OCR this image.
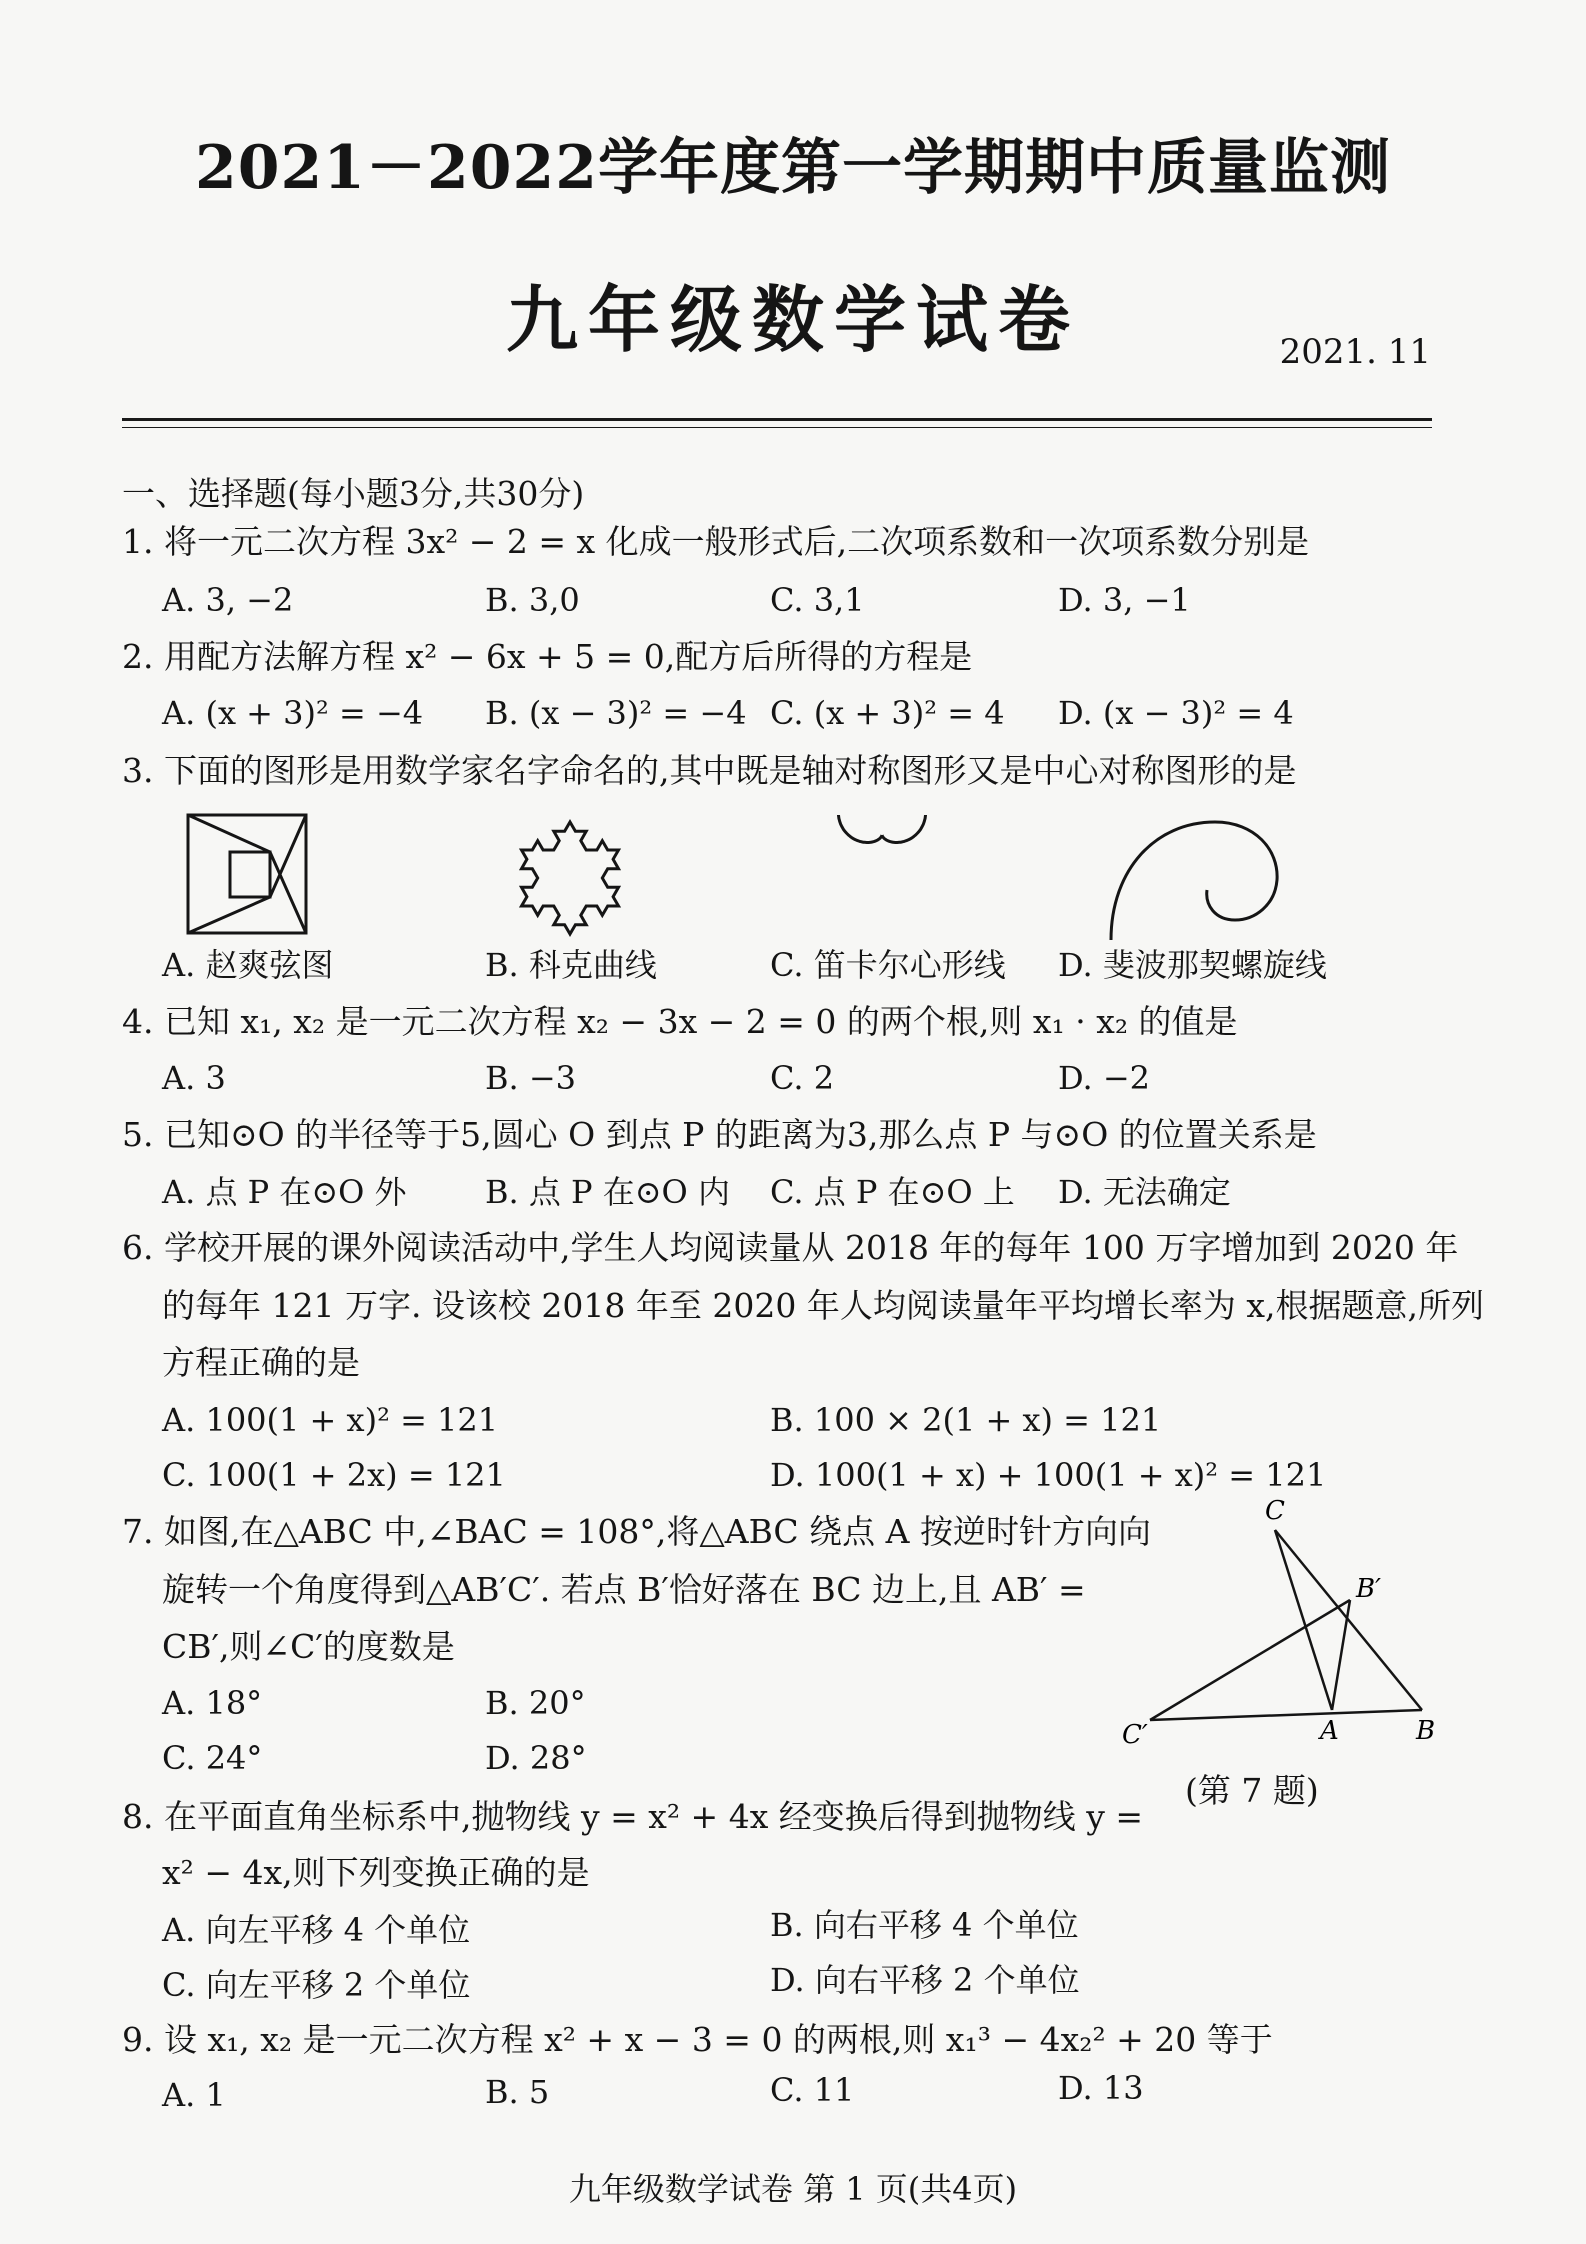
2021－2022学年度第一学期期中质量监测
九年级数学试卷	2021. 11
一、选择题(每小题3分,共30分)
1. 将一元二次方程 3x² − 2 = x 化成一般形式后,二次项系数和一次项系数分别是
A. 3, −2	B. 3,0	C. 3,1	D. 3, −1
2. 用配方法解方程 x² − 6x + 5 = 0,配方后所得的方程是
A. (x + 3)² = −4 B. (x − 3)² = −4 C. (x + 3)² = 4 D. (x − 3)² = 4
3. 下面的图形是用数学家名字命名的,其中既是轴对称图形又是中心对称图形的是
A. 赵爽弦图	B. 科克曲线	C. 笛卡尔心形线 D. 斐波那契螺旋线
4. 已知 x₁, x₂ 是一元二次方程 x₂ − 3x − 2 = 0 的两个根,则 x₁ · x₂ 的值是
A. 3	B. −3	C. 2	D. −2
5. 已知⊙O 的半径等于5,圆心 O 到点 P 的距离为3,那么点 P 与⊙O 的位置关系是
A. 点 P 在⊙O 外 B. 点 P 在⊙O 内 C. 点 P 在⊙O 上 D. 无法确定
6. 学校开展的课外阅读活动中,学生人均阅读量从 2018 年的每年 100 万字增加到 2020 年
的每年 121 万字. 设该校 2018 年至 2020 年人均阅读量年平均增长率为 x,根据题意,所列
方程正确的是
A. 100(1 + x)² = 121	B. 100 × 2(1 + x) = 121
C. 100(1 + 2x) = 121	D. 100(1 + x) + 100(1 + x)² = 121
7. 如图,在△ABC 中,∠BAC = 108°,将△ABC 绕点 A 按逆时针方向向
旋转一个角度得到△AB′C′. 若点 B′恰好落在 BC 边上,且 AB′ =
CB′,则∠C′的度数是
A. 18°	B. 20°
C. 24°	D. 28°
C
B′
C′	A	B
(第 7 题)
8. 在平面直角坐标系中,抛物线 y = x² + 4x 经变换后得到抛物线 y =
x² − 4x,则下列变换正确的是
A. 向左平移 4 个单位	B. 向右平移 4 个单位
C. 向左平移 2 个单位	D. 向右平移 2 个单位
9. 设 x₁, x₂ 是一元二次方程 x² + x − 3 = 0 的两根,则 x₁³ − 4x₂² + 20 等于
A. 1	B. 5	C. 11	D. 13
九年级数学试卷 第 1 页(共4页)
